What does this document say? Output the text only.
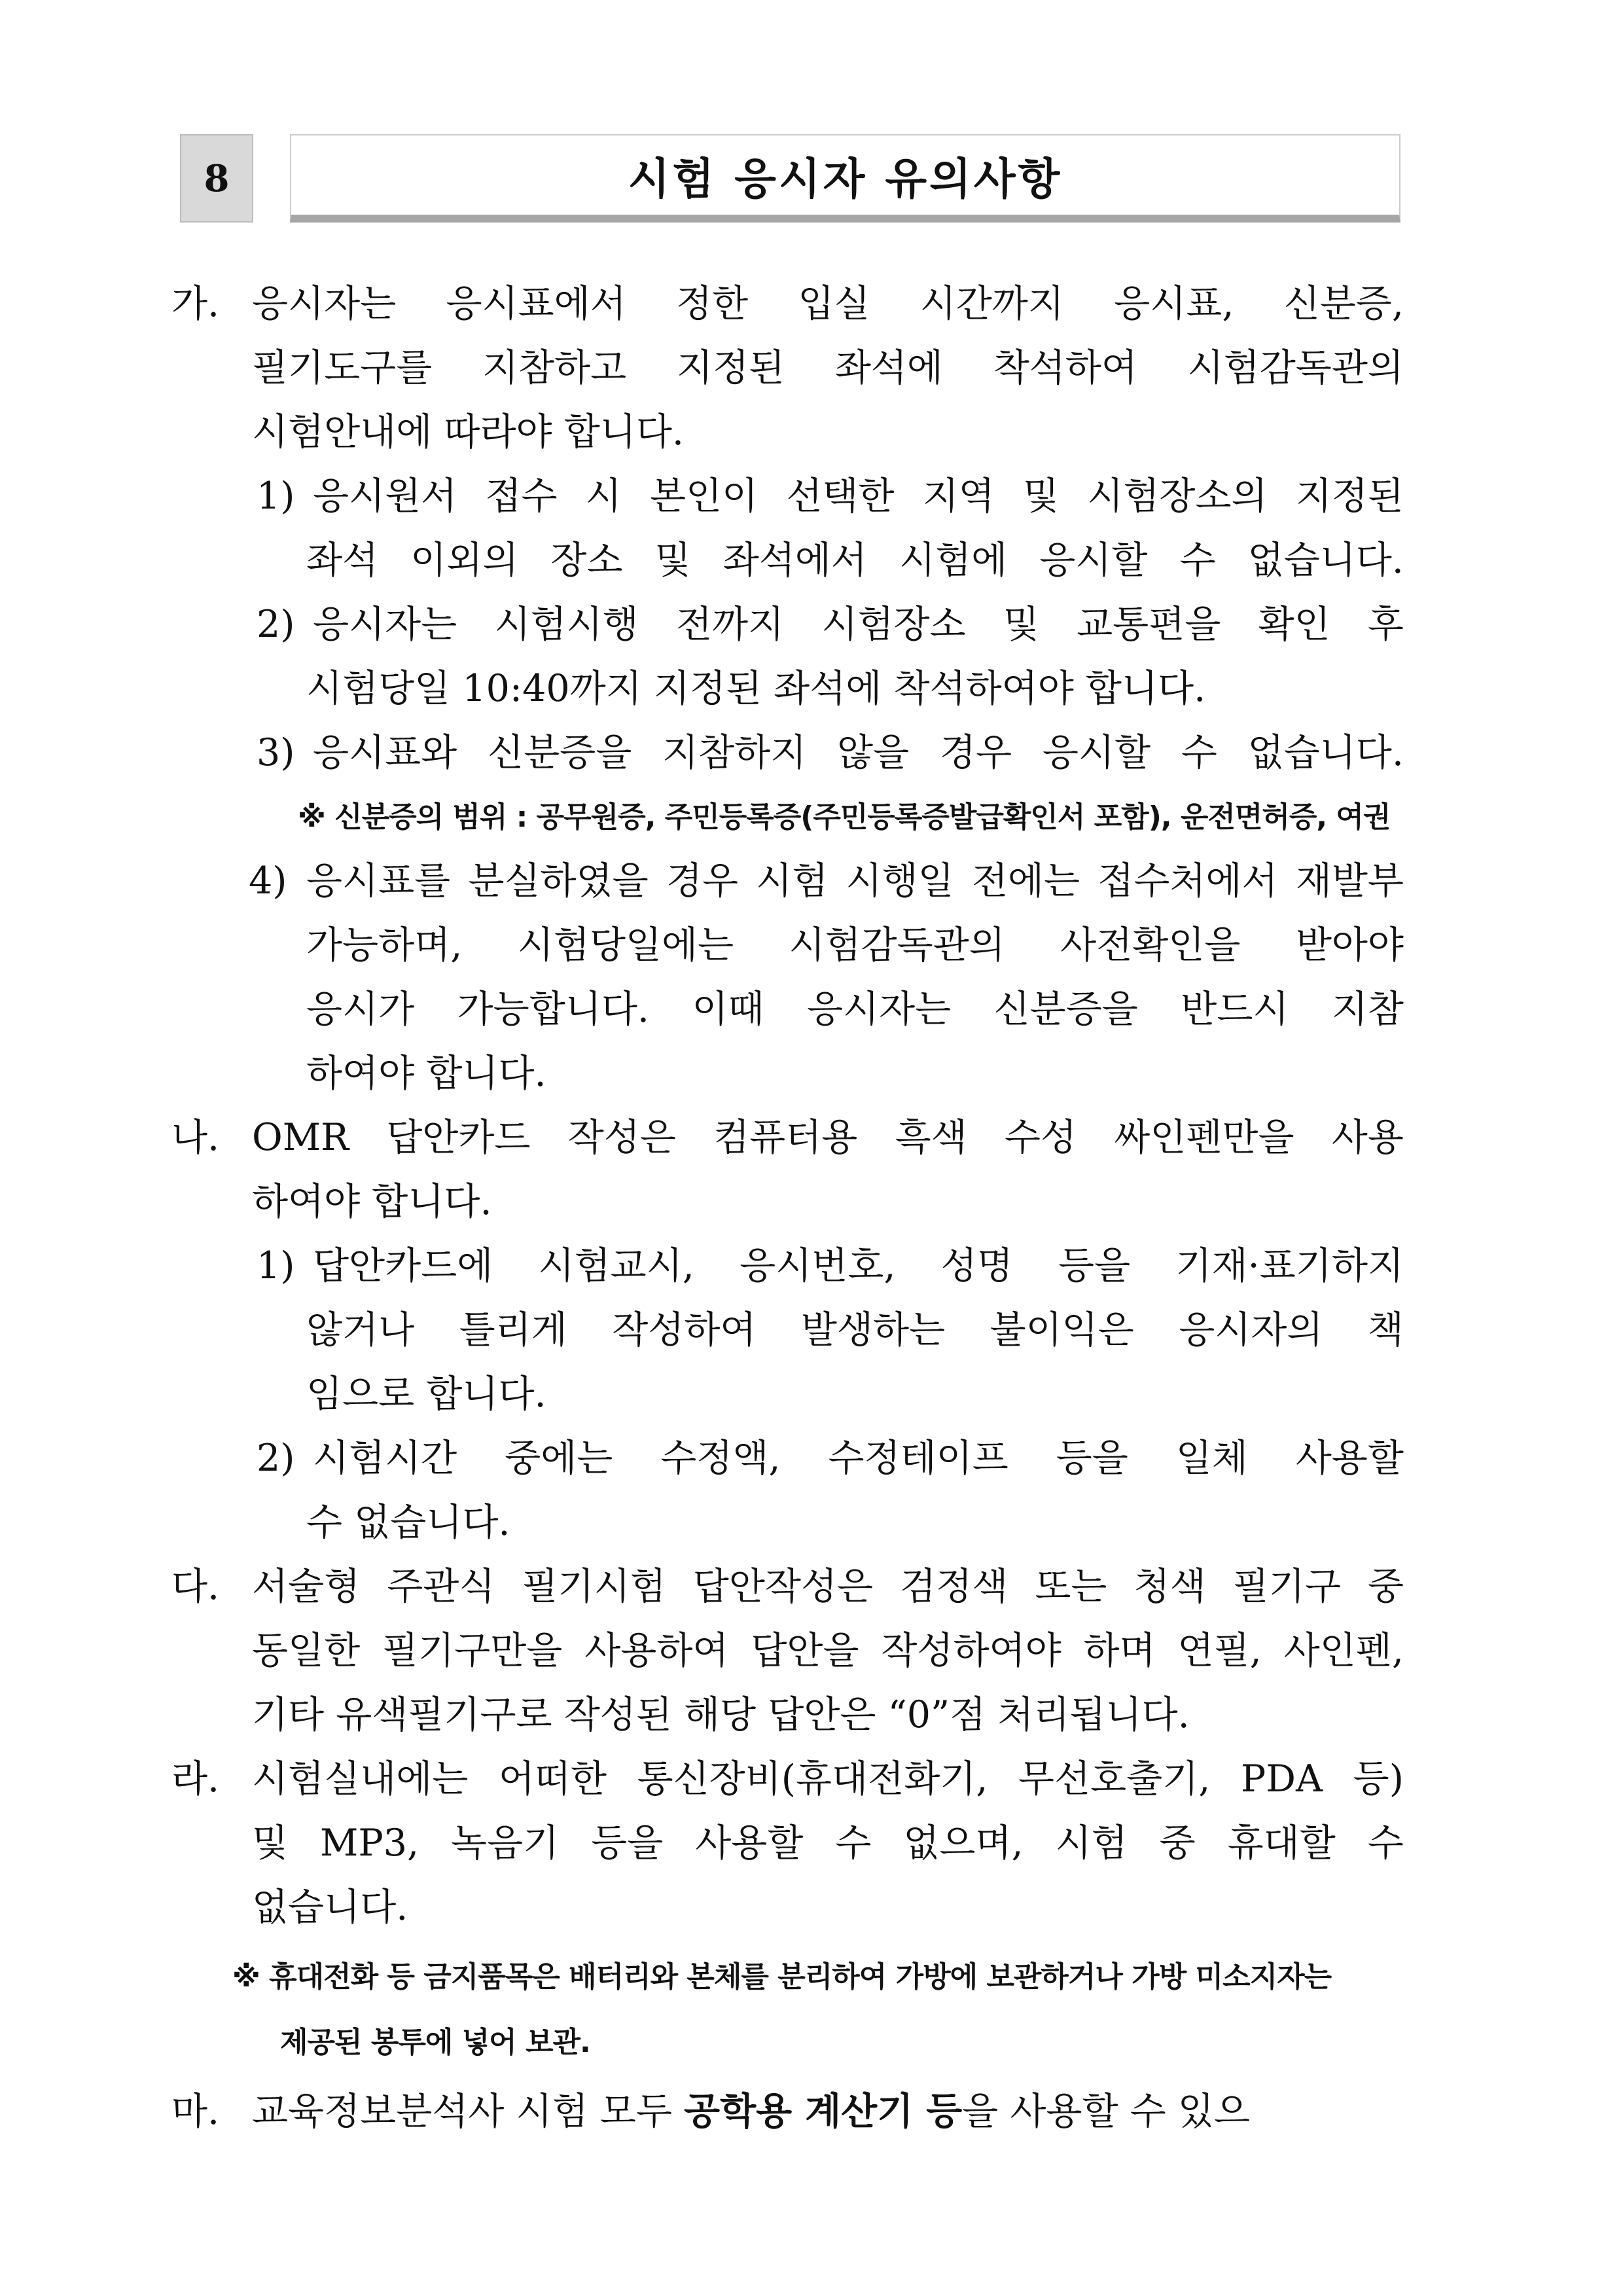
8	시험 응시자 유의사항
가. 응시자는 응시표에서 정한 입실 시간까지 응시표, 신분증,
필기도구를 지참하고 지정된 좌석에 착석하여 시험감독관의
시험안내에 따라야 합니다.
1) 응시원서 접수 시 본인이 선택한 지역 및 시험장소의 지정된
좌석 이외의 장소 및 좌석에서 시험에 응시할 수 없습니다.
2) 응시자는 시험시행 전까지 시험장소 및 교통편을 확인 후
시험당일 10:40까지 지정된 좌석에 착석하여야 합니다.
3) 응시표와 신분증을 지참하지 않을 경우 응시할 수 없습니다.
※ 신분증의 범위 : 공무원증, 주민등록증(주민등록증발급확인서 포함), 운전면허증, 여권
4) 응시표를 분실하였을 경우 시험 시행일 전에는 접수처에서 재발부
가능하며, 시험당일에는 시험감독관의 사전확인을 받아야
응시가 가능합니다. 이때 응시자는 신분증을 반드시 지참
하여야 합니다.
나. OMR 답안카드 작성은 컴퓨터용 흑색 수성 싸인펜만을 사용
하여야 합니다.
1) 답안카드에 시험교시, 응시번호, 성명 등을 기재·표기하지
않거나 틀리게 작성하여 발생하는 불이익은 응시자의 책
임으로 합니다.
2) 시험시간 중에는 수정액, 수정테이프 등을 일체 사용할
수 없습니다.
다. 서술형 주관식 필기시험 답안작성은 검정색 또는 청색 필기구 중
동일한 필기구만을 사용하여 답안을 작성하여야 하며 연필, 사인펜,
기타 유색필기구로 작성된 해당 답안은 “0”점 처리됩니다.
라. 시험실내에는 어떠한 통신장비(휴대전화기, 무선호출기, PDA 등)
및 MP3, 녹음기 등을 사용할 수 없으며, 시험 중 휴대할 수
없습니다.
※ 휴대전화 등 금지품목은 배터리와 본체를 분리하여 가방에 보관하거나 가방 미소지자는
제공된 봉투에 넣어 보관.
마. 교육정보분석사 시험 모두 공학용 계산기 등 을 사용할 수 있으
